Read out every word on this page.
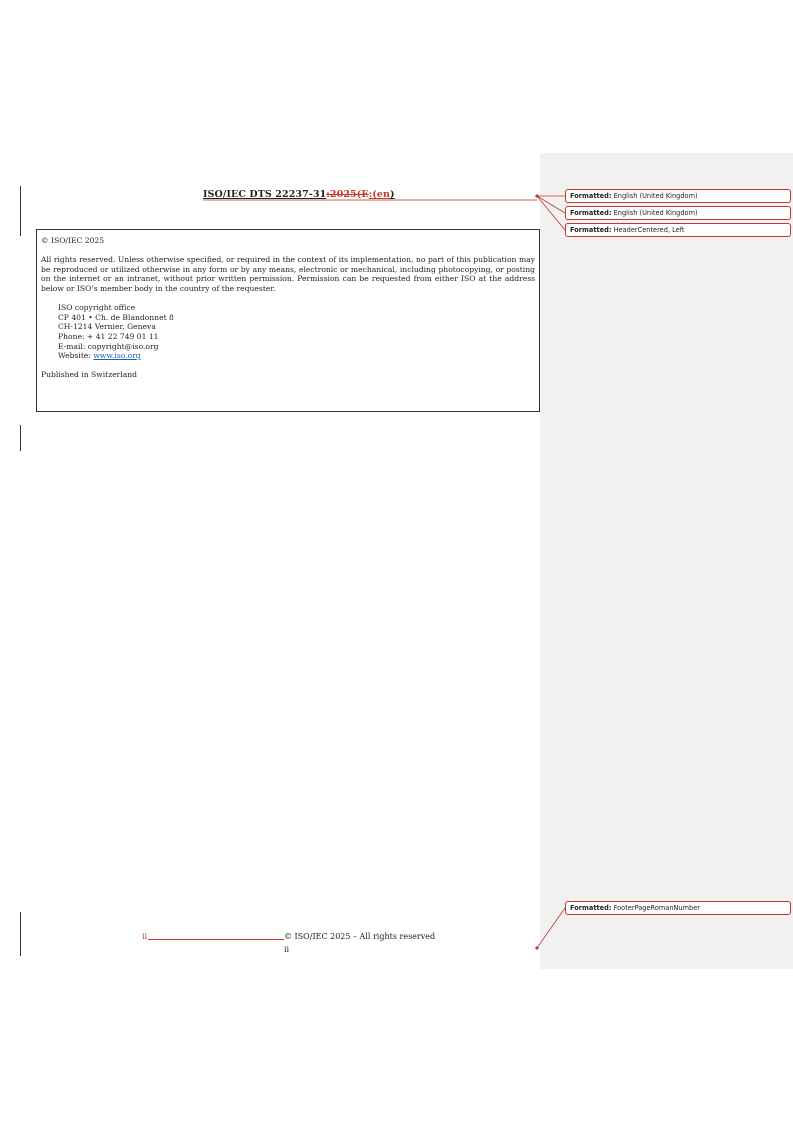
ISO/IEC DTS 22237-31:2025(E:(en)

© ISO/IEC 2025

All rights reserved. Unless otherwise specified, or required in the context of its implementation, no part of this publication may be reproduced or utilized otherwise in any form or by any means, electronic or mechanical, including photocopying, or posting on the internet or an intranet, without prior written permission. Permission can be requested from either ISO at the address below or ISO’s member body in the country of the requester.

ISO copyright office

CP 401 • Ch. de Blandonnet 8

CH-1214 Vernier, Geneva

Phone: + 41 22 749 01 11

E-mail: copyright@iso.org

Website: www.iso.org

Published in Switzerland

Formatted: English (United Kingdom)
Formatted: English (United Kingdom)
Formatted: HeaderCentered, Left
Formatted: FooterPageRomanNumber
ii	© ISO/IEC 2025 – All rights reserved
ii
